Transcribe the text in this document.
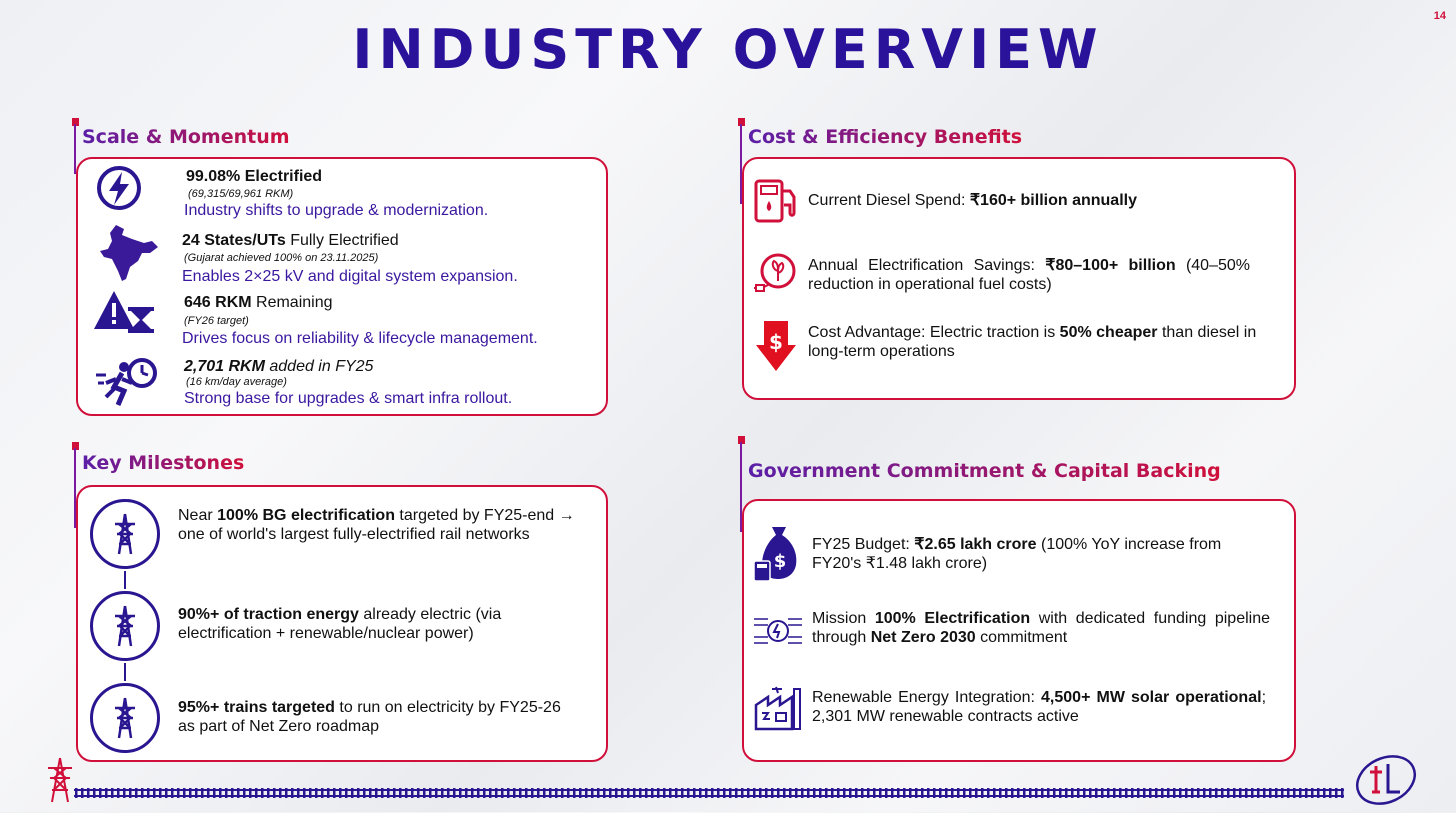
14
INDUSTRY OVERVIEW
Scale & Momentum
99.08% Electrified
(69,315/69,961 RKM)
Industry shifts to upgrade & modernization.
24 States/UTs Fully Electrified
(Gujarat achieved 100% on 23.11.2025)
Enables 2×25 kV and digital system expansion.
646 RKM Remaining
(FY26 target)
Drives focus on reliability & lifecycle management.
2,701 RKM added in FY25
(16 km/day average)
Strong base for upgrades & smart infra rollout.
Cost & Efficiency Benefits
Current Diesel Spend: ₹160+ billion annually
Annual Electrification Savings: ₹80–100+ billion (40–50% reduction in operational fuel costs)
$ Cost Advantage: Electric traction is 50% cheaper than diesel in long-term operations
Key Milestones
Near 100% BG electrification targeted by FY25-end → one of world's largest fully-electrified rail networks
90%+ of traction energy already electric (via electrification + renewable/nuclear power)
95%+ trains targeted to run on electricity by FY25-26 as part of Net Zero roadmap
Government Commitment & Capital Backing
$
FY25 Budget: ₹2.65 lakh crore (100% YoY increase from FY20's ₹1.48 lakh crore)
Mission 100% Electrification with dedicated funding pipeline through Net Zero 2030 commitment
Renewable Energy Integration: 4,500+ MW solar operational; 2,301 MW renewable contracts active
